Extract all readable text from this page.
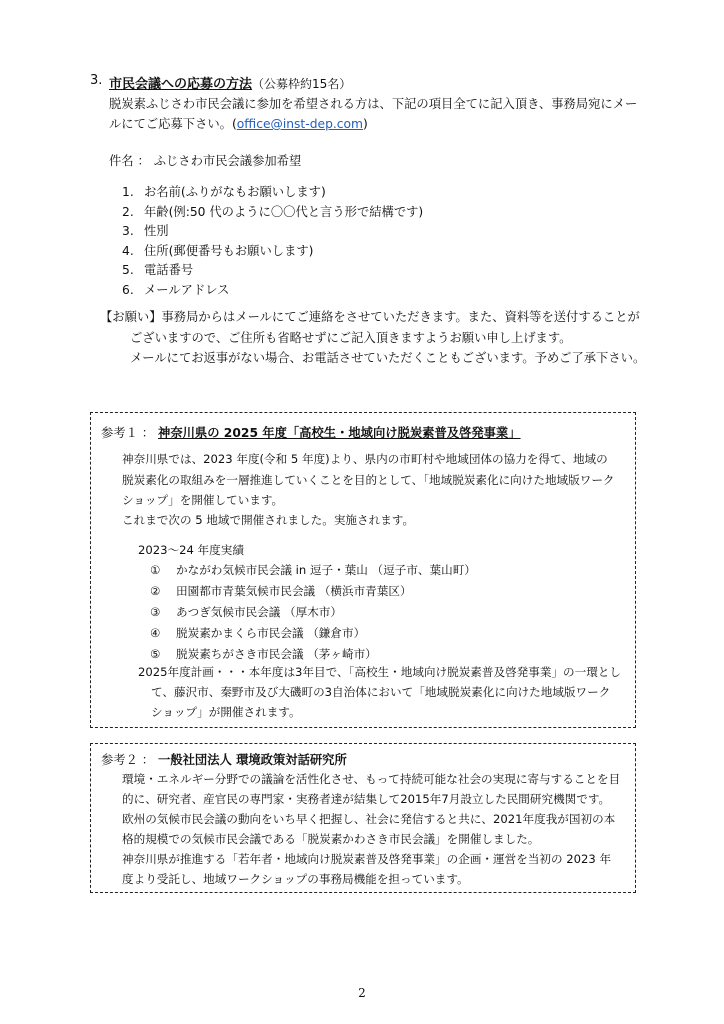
3. 市民会議への応募の方法（公募枠約15名）
脱炭素ふじさわ市民会議に参加を希望される方は、下記の項目全てに記入頂き、事務局宛にメー
ルにてご応募下さい。(office@inst-dep.com)
件名 ： ふじさわ市民会議参加希望
1. お名前(ふりがなもお願いします)
2. 年齢(例:50 代のように〇〇代と言う形で結構です)
3. 性別
4. 住所(郵便番号もお願いします)
5. 電話番号
6. メールアドレス
【お願い】事務局からはメールにてご連絡をさせていただきます。また、資料等を送付することが
ございますので、ご住所も省略せずにご記入頂きますようお願い申し上げます。
メールにてお返事がない場合、お電話させていただくこともございます。予めご了承下さい。
参考１ ： 神奈川県の 2025 年度「高校生・地域向け脱炭素普及啓発事業」
神奈川県では、2023 年度(令和 5 年度)より、県内の市町村や地域団体の協力を得て、地域の
脱炭素化の取組みを一層推進していくことを目的として、「地域脱炭素化に向けた地域版ワーク
ショップ」を開催しています。
これまで次の 5 地域で開催されました。実施されます。
2023〜24 年度実績
① かながわ気候市民会議 in 逗子・葉山 （逗子市、葉山町）
② 田園都市青葉気候市民会議 （横浜市青葉区）
③ あつぎ気候市民会議 （厚木市）
④ 脱炭素かまくら市民会議 （鎌倉市）
⑤ 脱炭素ちがさき市民会議 （茅ヶ崎市）
2025年度計画・・・本年度は3年目で、「高校生・地域向け脱炭素普及啓発事業」の一環とし
て、藤沢市、秦野市及び大磯町の3自治体において「地域脱炭素化に向けた地域版ワーク
ショップ」が開催されます。
参考２ ： 一般社団法人 環境政策対話研究所
環境・エネルギー分野での議論を活性化させ、もって持続可能な社会の実現に寄与することを目
的に、研究者、産官民の専門家・実務者達が結集して2015年7月設立した民間研究機関です。
欧州の気候市民会議の動向をいち早く把握し、社会に発信すると共に、2021年度我が国初の本
格的規模での気候市民会議である「脱炭素かわさき市民会議」を開催しました。
神奈川県が推進する「若年者・地域向け脱炭素普及啓発事業」の企画・運営を当初の 2023 年
度より受託し、地域ワークショップの事務局機能を担っています。
2
